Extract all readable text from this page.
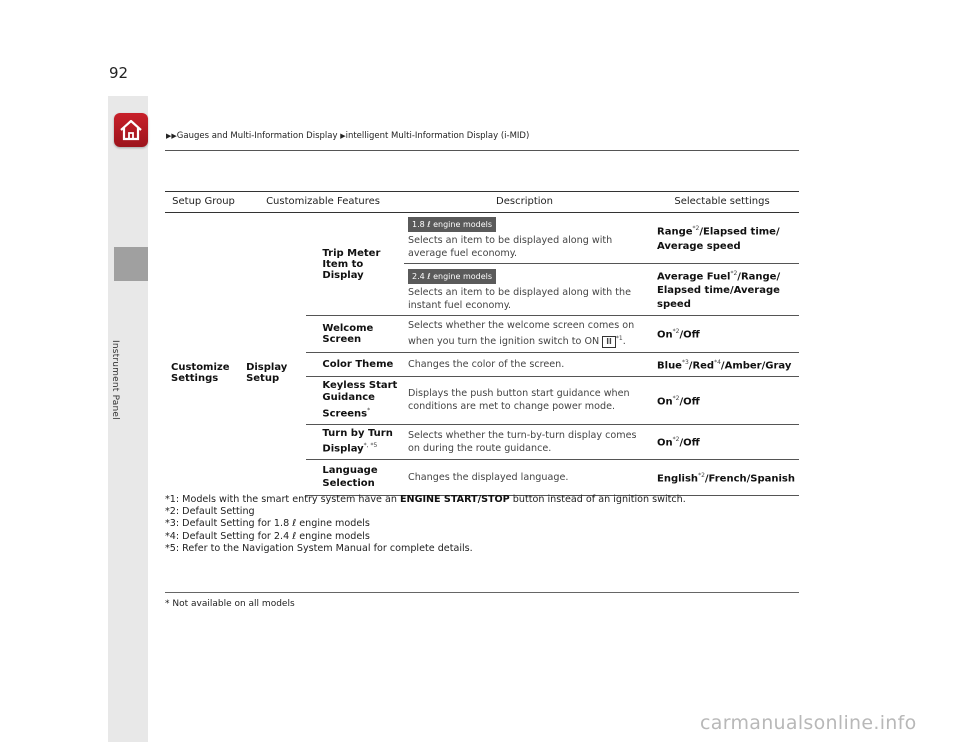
Instrument Panel
92
▶▶Gauges and Multi-Information Display ▶intelligent Multi-Information Display (i-MID)
Setup Group	Customizable Features		Description	Selectable settings
Customize Settings	Display Setup	Trip Meter Item to Display	1.8 ℓ engine models
Selects an item to be displayed along with average fuel economy.	Range$^{*2}$/Elapsed time/
Average speed
			2.4 ℓ engine models
Selects an item to be displayed along with the instant fuel economy.	Average Fuel$^{*2}$/Range/
Elapsed time/Average speed
		Welcome Screen	Selects whether the welcome screen comes on when you turn the ignition switch to ON II $^{*1}$.	On$^{*2}$/Off
		Color Theme	Changes the color of the screen.	Blue$^{*3}$/Red$^{*4}$/Amber/Gray
		Keyless Start Guidance Screens*	Displays the push button start guidance when conditions are met to change power mode.	On$^{*2}$/Off
		Turn by Turn Display$^{*, *5}$	Selects whether the turn-by-turn display comes on during the route guidance.	On$^{*2}$/Off
		Language Selection	Changes the displayed language.	English$^{*2}$/French/Spanish
*1: Models with the smart entry system have an ENGINE START/STOP button instead of an ignition switch.
*2: Default Setting
*3: Default Setting for 1.8 ℓ engine models
*4: Default Setting for 2.4 ℓ engine models
*5: Refer to the Navigation System Manual for complete details.
* Not available on all models
carmanualsonline.info
